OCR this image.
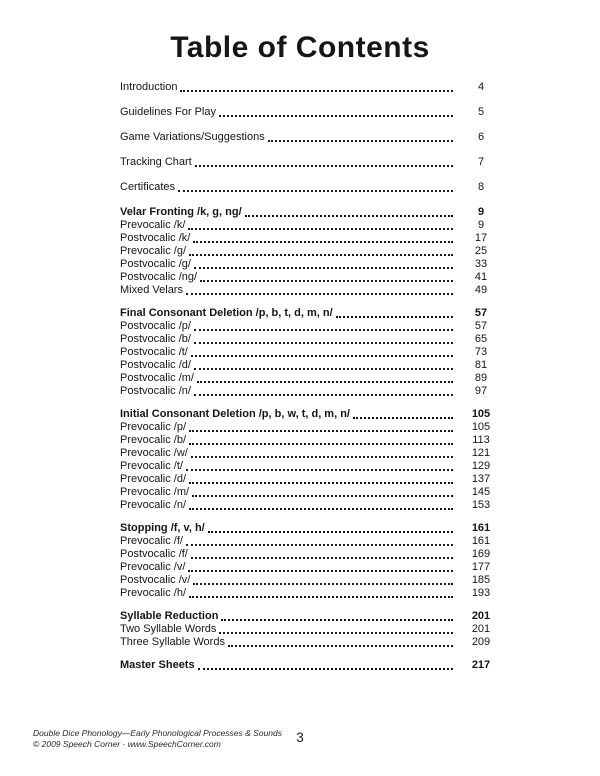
Table of Contents
Introduction	4
Guidelines For Play	5
Game Variations/Suggestions	6
Tracking Chart	7
Certificates	8
Velar Fronting /k, g, ng/	9
Prevocalic /k/	9
Postvocalic /k/	17
Prevocalic /g/	25
Postvocalic /g/	33
Postvocalic /ng/	41
Mixed Velars	49
Final Consonant Deletion /p, b, t, d, m, n/	57
Postvocalic /p/	57
Postvocalic /b/	65
Postvocalic /t/	73
Postvocalic /d/	81
Postvocalic /m/	89
Postvocalic /n/	97
Initial Consonant Deletion /p, b, w, t, d, m, n/	105
Prevocalic /p/	105
Prevocalic /b/	113
Prevocalic /w/	121
Prevocalic /t/	129
Prevocalic /d/	137
Prevocalic /m/	145
Prevocalic /n/	153
Stopping /f, v, h/	161
Prevocalic /f/	161
Postvocalic /f/	169
Prevocalic /v/	177
Postvocalic /v/	185
Prevocalic /h/	193
Syllable Reduction	201
Two Syllable Words	201
Three Syllable Words	209
Master Sheets	217
Double Dice Phonology—Early Phonological Processes & Sounds
© 2009 Speech Corner · www.SpeechCorner.com	3
